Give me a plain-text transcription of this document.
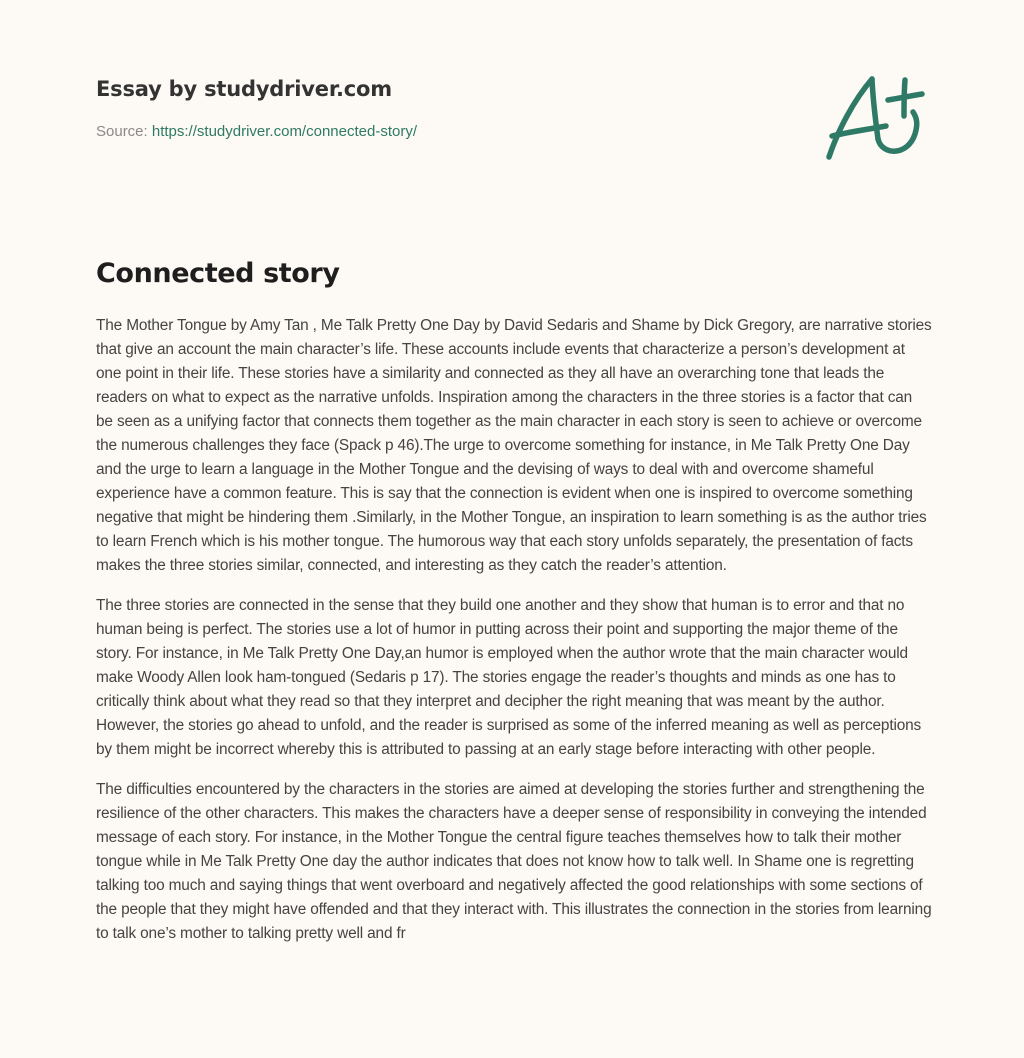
Essay by studydriver.com
Source: https://studydriver.com/connected-story/
Connected story

The Mother Tongue by Amy Tan , Me Talk Pretty One Day by David Sedaris and Shame by Dick Gregory, are narrative stories that give an account the main character’s life. These accounts include events that characterize a person’s development at one point in their life. These stories have a similarity and connected as they all have an overarching tone that leads the readers on what to expect as the narrative unfolds. Inspiration among the characters in the three stories is a factor that can be seen as a unifying factor that connects them together as the main character in each story is seen to achieve or overcome the numerous challenges they face (Spack p 46).The urge to overcome something for instance, in Me Talk Pretty One Day and the urge to learn a language in the Mother Tongue and the devising of ways to deal with and overcome shameful experience have a common feature. This is say that the connection is evident when one is inspired to overcome something negative that might be hindering them .Similarly, in the Mother Tongue, an inspiration to learn something is as the author tries to learn French which is his mother tongue. The humorous way that each story unfolds separately, the presentation of facts makes the three stories similar, connected, and interesting as they catch the reader’s attention.

The three stories are connected in the sense that they build one another and they show that human is to error and that no human being is perfect. The stories use a lot of humor in putting across their point and supporting the major theme of the story. For instance, in Me Talk Pretty One Day,an humor is employed when the author wrote that the main character would make Woody Allen look ham-tongued (Sedaris p 17). The stories engage the reader’s thoughts and minds as one has to critically think about what they read so that they interpret and decipher the right meaning that was meant by the author. However, the stories go ahead to unfold, and the reader is surprised as some of the inferred meaning as well as perceptions by them might be incorrect whereby this is attributed to passing at an early stage before interacting with other people.

The difficulties encountered by the characters in the stories are aimed at developing the stories further and strengthening the resilience of the other characters. This makes the characters have a deeper sense of responsibility in conveying the intended message of each story. For instance, in the Mother Tongue the central figure teaches themselves how to talk their mother tongue while in Me Talk Pretty One day the author indicates that does not know how to talk well. In Shame one is regretting talking too much and saying things that went overboard and negatively affected the good relationships with some sections of the people that they might have offended and that they interact with. This illustrates the connection in the stories from learning to talk one’s mother to talking pretty well and fr
